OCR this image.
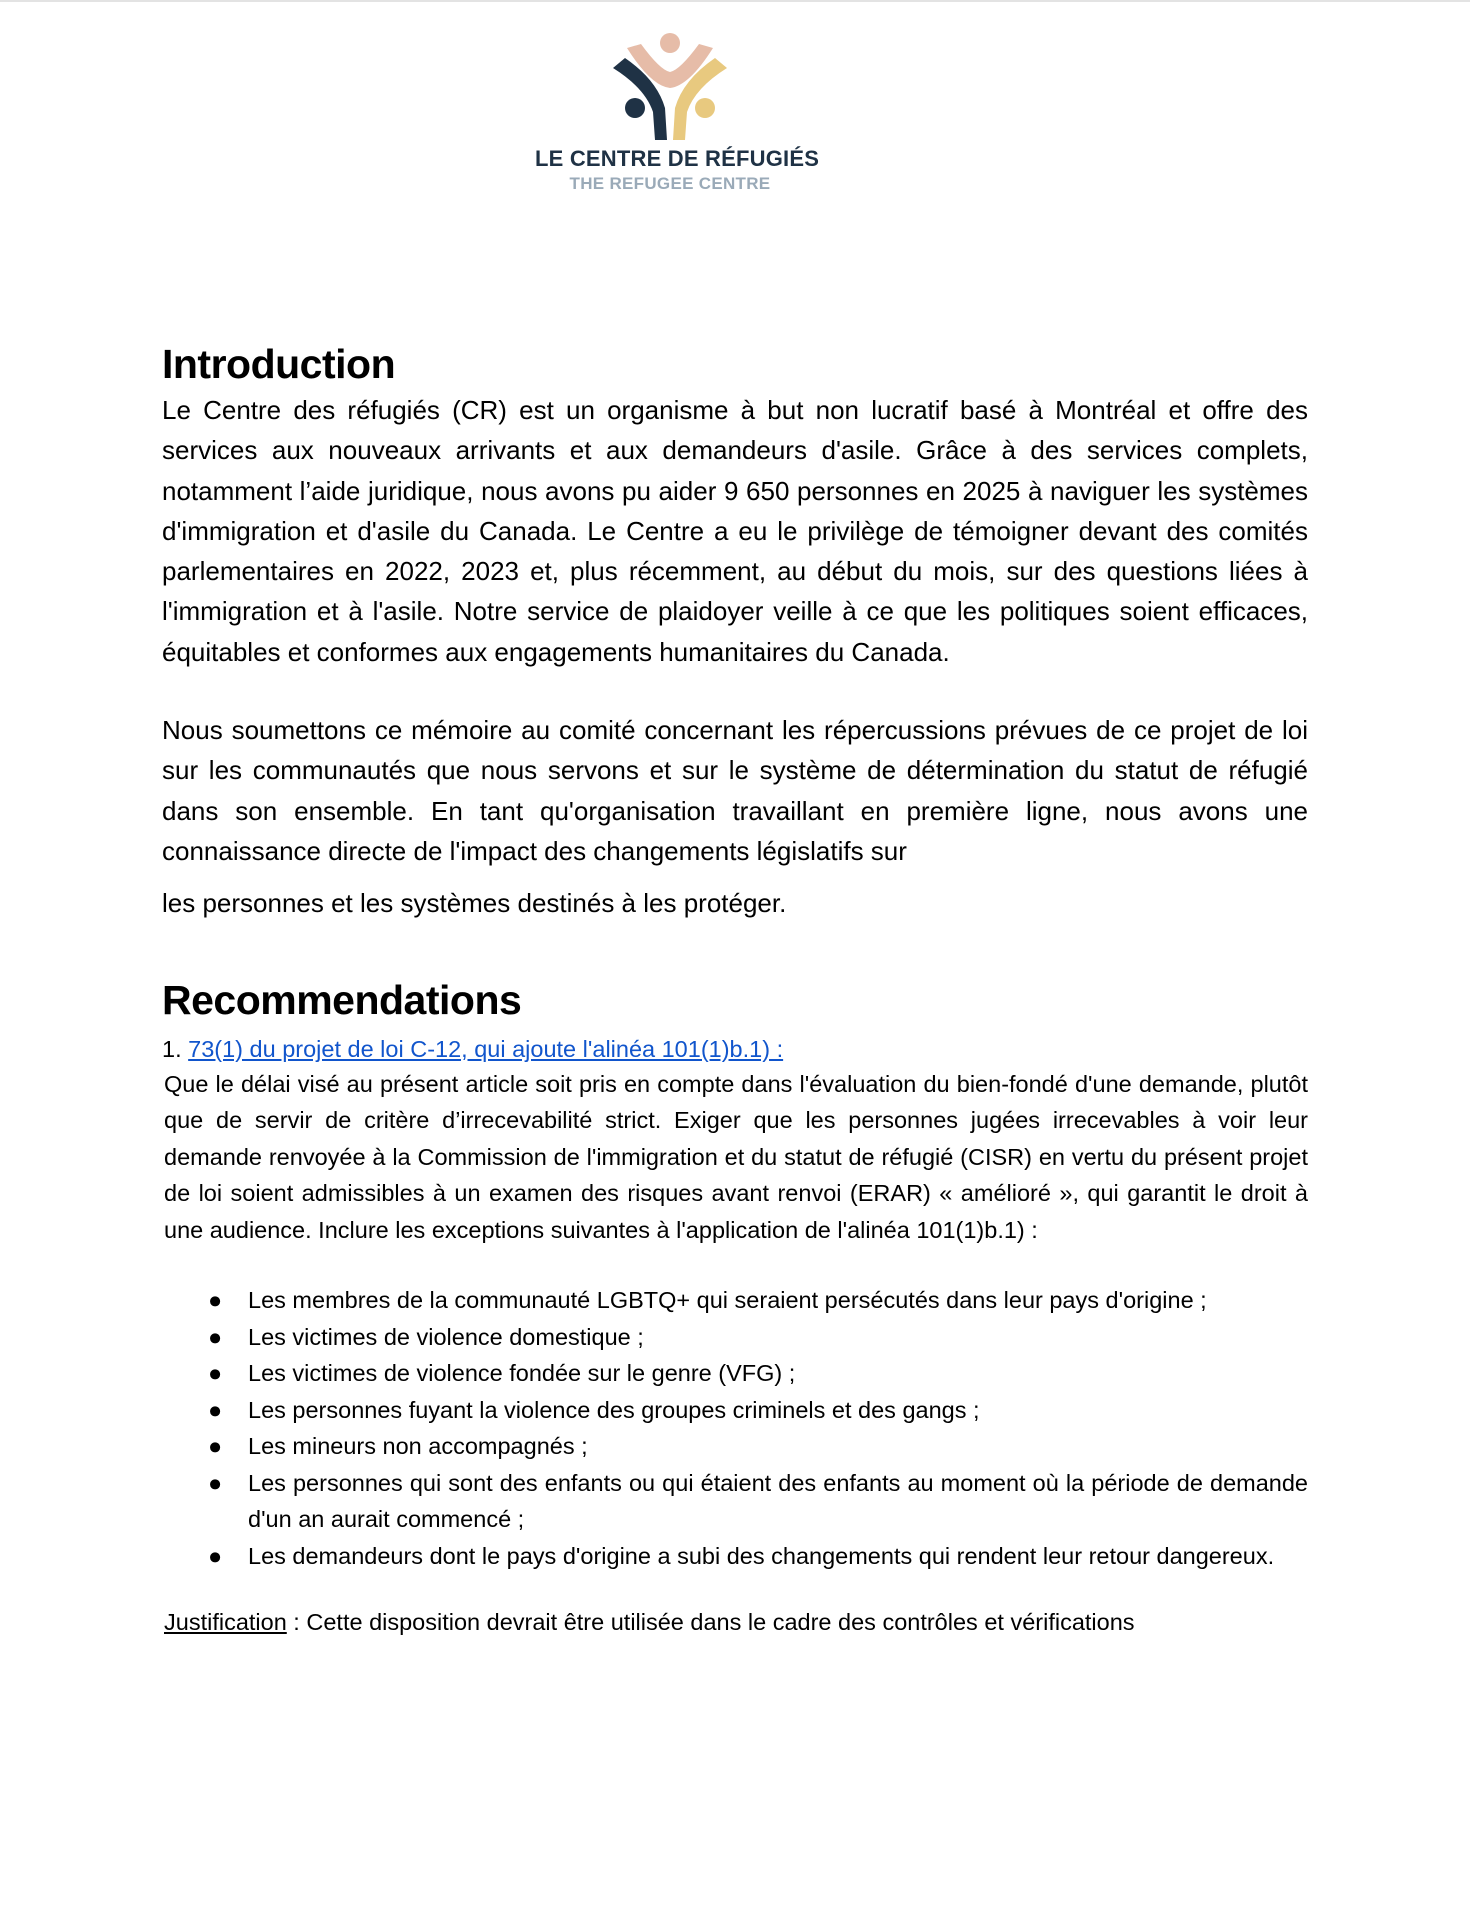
LE CENTRE DE RÉFUGIÉS
THE REFUGEE CENTRE
Introduction

Le Centre des réfugiés (CR) est un organisme à but non lucratif basé à Montréal et offre des services aux nouveaux arrivants et aux demandeurs d'asile. Grâce à des services complets, notamment l’aide juridique, nous avons pu aider 9 650 personnes en 2025 à naviguer les systèmes d'immigration et d'asile du Canada. Le Centre a eu le privilège de témoigner devant des comités parlementaires en 2022, 2023 et, plus récemment, au début du mois, sur des questions liées à l'immigration et à l'asile. Notre service de plaidoyer veille à ce que les politiques soient efficaces, équitables et conformes aux engagements humanitaires du Canada.

Nous soumettons ce mémoire au comité concernant les répercussions prévues de ce projet de loi sur les communautés que nous servons et sur le système de détermination du statut de réfugié dans son ensemble. En tant qu'organisation travaillant en première ligne, nous avons une connaissance directe de l'impact des changements législatifs sur

les personnes et les systèmes destinés à les protéger.

Recommendations
1. 73(1) du projet de loi C-12, qui ajoute l'alinéa 101(1)b.1) :
Que le délai visé au présent article soit pris en compte dans l'évaluation du bien-fondé d'une demande, plutôt que de servir de critère d’irrecevabilité strict. Exiger que les personnes jugées irrecevables à voir leur demande renvoyée à la Commission de l'immigration et du statut de réfugié (CISR) en vertu du présent projet de loi soient admissibles à un examen des risques avant renvoi (ERAR) « amélioré », qui garantit le droit à une audience. Inclure les exceptions suivantes à l'application de l'alinéa 101(1)b.1) :
● Les membres de la communauté LGBTQ+ qui seraient persécutés dans leur pays d'origine ;
● Les victimes de violence domestique ;
● Les victimes de violence fondée sur le genre (VFG) ;
● Les personnes fuyant la violence des groupes criminels et des gangs ;
● Les mineurs non accompagnés ;
● Les personnes qui sont des enfants ou qui étaient des enfants au moment où la période de demande d'un an aurait commencé ;
● Les demandeurs dont le pays d'origine a subi des changements qui rendent leur retour dangereux.
Justification : Cette disposition devrait être utilisée dans le cadre des contrôles et vérifications
